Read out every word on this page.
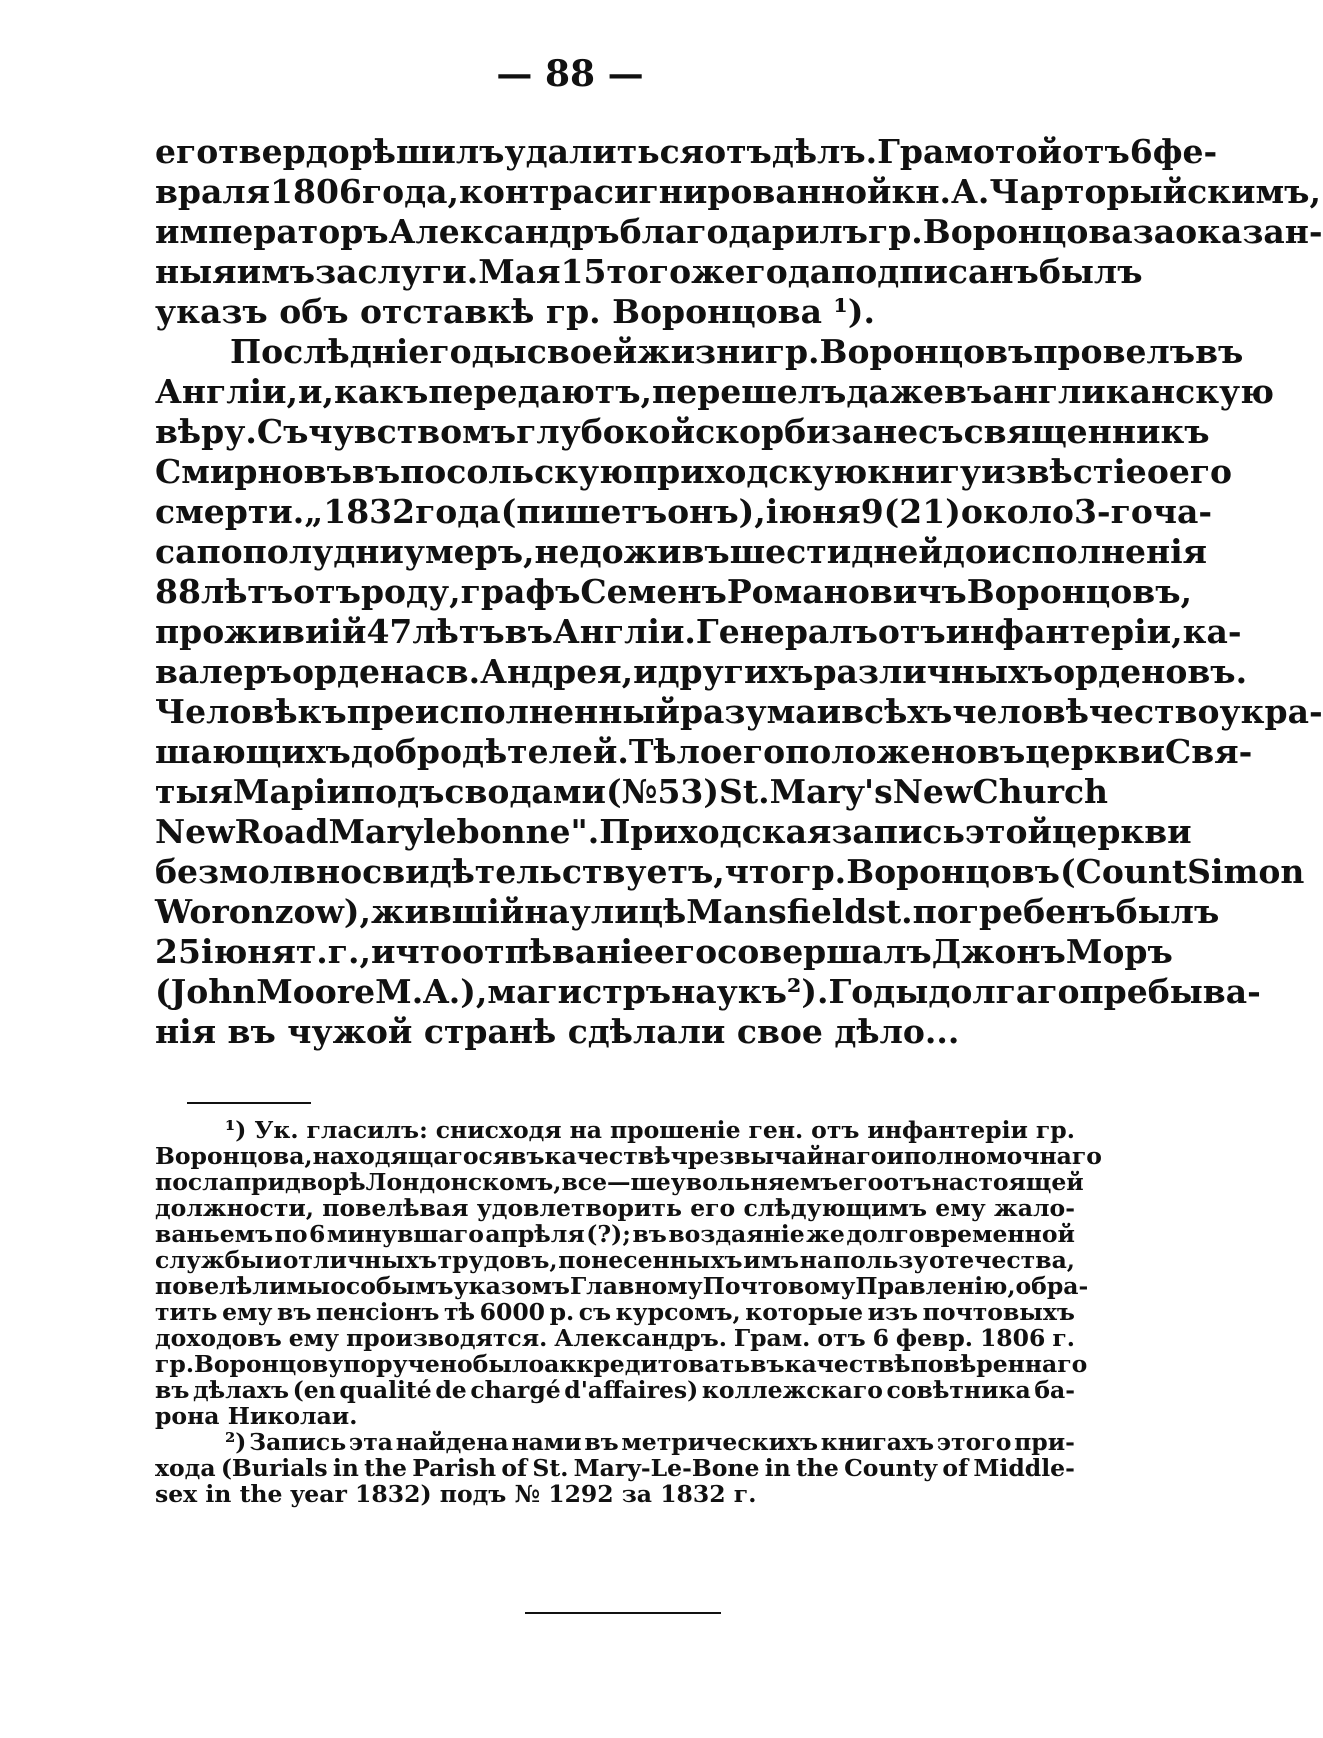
— 88 —
его твердо рѣшилъ удалиться отъ дѣлъ. Грамотой отъ 6 фе-
враля 1806 года, контрасигнированной кн. А. Чарторыйскимъ,
императоръ Александръ благодарилъ гр. Воронцова за оказан-
ныя имъ заслуги. Мая 15 того же года подписанъ былъ
указъ объ отставкѣ гр. Воронцова ¹).
Послѣдніе годы своей жизни гр. Воронцовъ провелъ въ
Англіи, и, какъ передаютъ, перешелъ даже въ англиканскую
вѣру. Съ чувствомъ глубокой скорби занесъ священникъ
Смирновъ въ посольскую приходскую книгу извѣстіе о его
смерти. „1832 года (пишетъ онъ), іюня 9 (21) около 3-го ча-
са по полудни умеръ, не доживъ шести дней до исполненія
88 лѣтъ отъ роду, графъ Семенъ Романовичъ Воронцовъ,
проживиій 47 лѣтъ въ Англіи. Генералъ отъ инфантеріи, ка-
валеръ ордена св. Андрея, и другихъ различныхъ орденовъ.
Человѣкъ преисполненный разума и всѣхъ человѣчество укра-
шающихъ добродѣтелей. Тѣло его положено въ церкви Свя-
тыя Маріи подъ сводами (№ 53) St. Mary's New Church
New Road Marylebonne". Приходская запись этой церкви
безмолвно свидѣтельствуетъ, что гр. Воронцовъ (Count Simon
Woronzow), жившій на улицѣ Mansfield st. погребенъ былъ
25 іюня т. г., и что отпѣваніе его совершалъ Джонъ Моръ
(John Moore M. A.), магистръ наукъ ²). Годы долгаго пребыва-
нія въ чужой странѣ сдѣлали свое дѣло...
¹) Ук. гласилъ: снисходя на прошеніе ген. отъ инфантеріи гр.
Воронцова, находящагося въ качествѣ чрезвычайнаго и полномочнаго
посла при дворѣ Лондонскомъ, все—ше увольняемъ его отъ настоящей
должности, повелѣвая удовлетворить его слѣдующимъ ему жало-
ваньемъ по 6 минувшаго апрѣля (?); въ воздаяніе же долговременной
службы и отличныхъ трудовъ, понесенныхъ имъ на пользу отечества,
повелѣли мы особымъ указомъ Главному Почтовому Правленію, обра-
тить ему въ пенсіонъ тѣ 6000 р. съ курсомъ, которые изъ почтовыхъ
доходовъ ему производятся. Александръ. Грам. отъ 6 февр. 1806 г.
гр. Воронцову поручено было аккредитовать въ качествѣ повѣреннаго
въ дѣлахъ (en qualité de chargé d'affaires) коллежскаго совѣтника ба-
рона Николаи.
²) Запись эта найдена нами въ метрическихъ книгахъ этого при-
хода (Burials in the Parish of St. Mary-Le-Bone in the County of Middle-
sex in the year 1832) подъ № 1292 за 1832 г.
